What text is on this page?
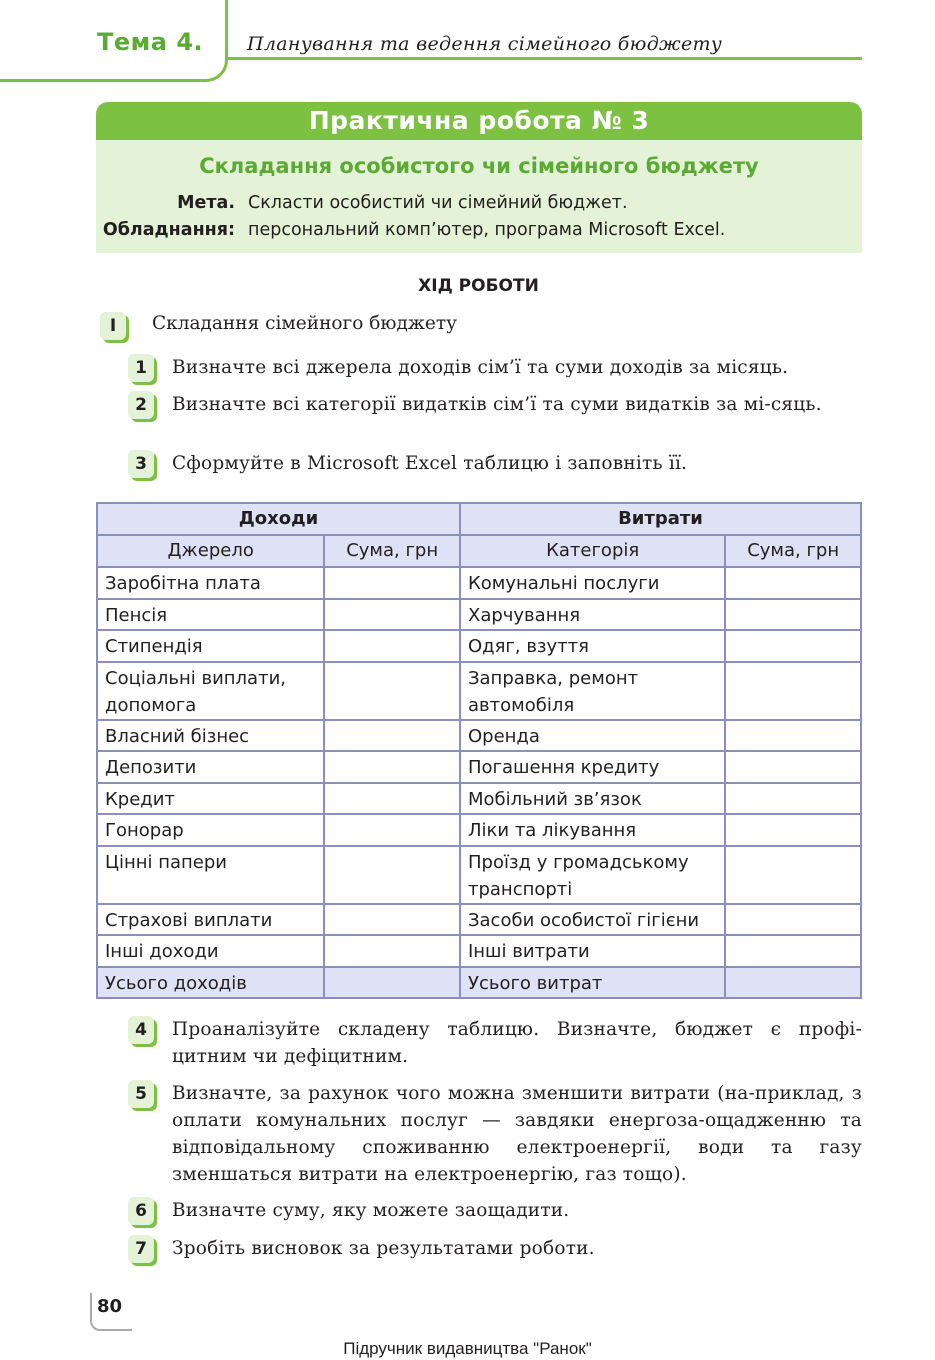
Тема 4. Планування та ведення сімейного бюджету
Практична робота № 3
Складання особистого чи сімейного бюджету
Мета. Скласти особистий чи сімейний бюджет.
Обладнання: персональний комп’ютер, програма Microsoft Excel.
ХІД РОБОТИ
I	Складання сімейного бюджету
1	Визначте всі джерела доходів сім’ї та суми доходів за місяць.
2	Визначте всі категорії видатків сім’ї та суми видатків за мі-сяць.
3	Сформуйте в Microsoft Excel таблицю і заповніть її.
Доходи		Витрати	
Джерело	Сума, грн	Категорія	Сума, грн
Заробітна плата		Комунальні послуги	
Пенсія		Харчування	
Стипендія		Одяг, взуття	
Соціальні виплати, допомога		Заправка, ремонт автомобіля	
Власний бізнес		Оренда	
Депозити		Погашення кредиту	
Кредит		Мобільний зв’язок	
Гонорар		Ліки та лікування	
Цінні папери		Проїзд у громадському транспорті	
Страхові виплати		Засоби особистої гігієни	
Інші доходи		Інші витрати	
Усього доходів		Усього витрат	
4	Проаналізуйте складену таблицю. Визначте, бюджет є профі-цитним чи дефіцитним.
5	Визначте, за рахунок чого можна зменшити витрати (на-приклад, з оплати комунальних послуг — завдяки енергоза-ощадженню та відповідальному споживанню електроенергії, води та газу зменшаться витрати на електроенергію, газ тощо).
6	Визначте суму, яку можете заощадити.
7	Зробіть висновок за результатами роботи.
80
Підручник видавництва "Ранок"
